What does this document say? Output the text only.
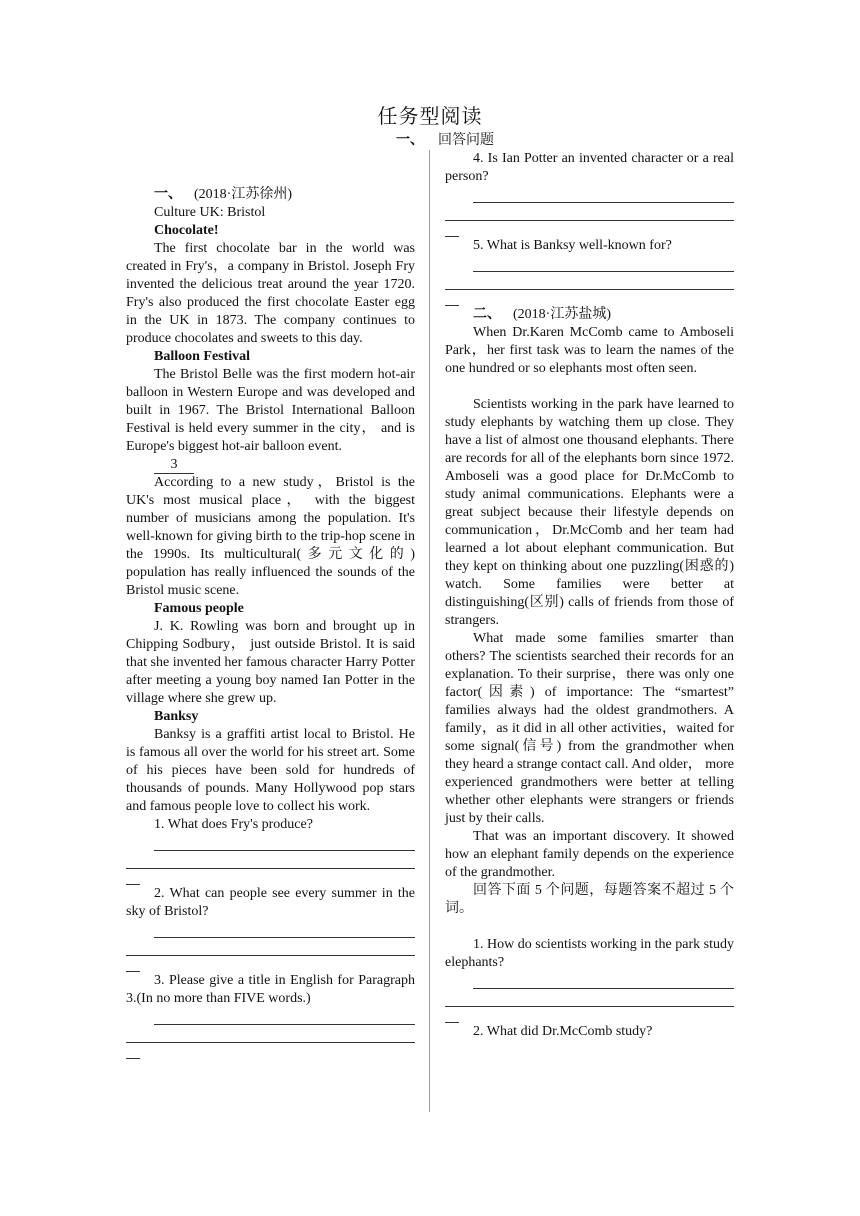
任务型阅读
一、 回答问题

一、 (2018·江苏徐州)

Culture UK: Bristol

Chocolate!

The first chocolate bar in the world was created in Fry's，a company in Bristol. Joseph Fry invented the delicious treat around the year 1720. Fry's also produced the first chocolate Easter egg in the UK in 1873. The company continues to produce chocolates and sweets to this day.

Balloon Festival

The Bristol Belle was the first modern hot-air balloon in Western Europe and was developed and built in 1967. The Bristol International Balloon Festival is held every summer in the city， and is Europe's biggest hot-air balloon event.

3

According to a new study，Bristol is the UK's most musical place， with the biggest number of musicians among the population. It's well-known for giving birth to the trip-hop scene in the 1990s. Its multicultural(多元文化的) population has really influenced the sounds of the Bristol music scene.

Famous people

J. K. Rowling was born and brought up in Chipping Sodbury， just outside Bristol. It is said that she invented her famous character Harry Potter after meeting a young boy named Ian Potter in the village where she grew up.

Banksy

Banksy is a graffiti artist local to Bristol. He is famous all over the world for his street art. Some of his pieces have been sold for hundreds of thousands of pounds. Many Hollywood pop stars and famous people love to collect his work.

1. What does Fry's produce?

2. What can people see every summer in the sky of Bristol?

3. Please give a title in English for Paragraph 3.(In no more than FIVE words.)

4. Is Ian Potter an invented character or a real person?

5. What is Banksy well-known for?

二、 (2018·江苏盐城)

When Dr.Karen McComb came to Amboseli Park，her first task was to learn the names of the one hundred or so elephants most often seen.

Scientists working in the park have learned to study elephants by watching them up close. They have a list of almost one thousand elephants. There are records for all of the elephants born since 1972. Amboseli was a good place for Dr.McComb to study animal communications. Elephants were a great subject because their lifestyle depends on communication，Dr.McComb and her team had learned a lot about elephant communication. But they kept on thinking about one puzzling(困惑的) watch. Some families were better at distinguishing(区别) calls of friends from those of strangers.

What made some families smarter than others? The scientists searched their records for an explanation. To their surprise，there was only one factor(因素) of importance: The “smartest” families always had the oldest grandmothers. A family，as it did in all other activities，waited for some signal(信号) from the grandmother when they heard a strange contact call. And older， more experienced grandmothers were better at telling whether other elephants were strangers or friends just by their calls.

That was an important discovery. It showed how an elephant family depends on the experience of the grandmother.

回答下面 5 个问题，每题答案不超过 5 个词。

1. How do scientists working in the park study elephants?

2. What did Dr.McComb study?
